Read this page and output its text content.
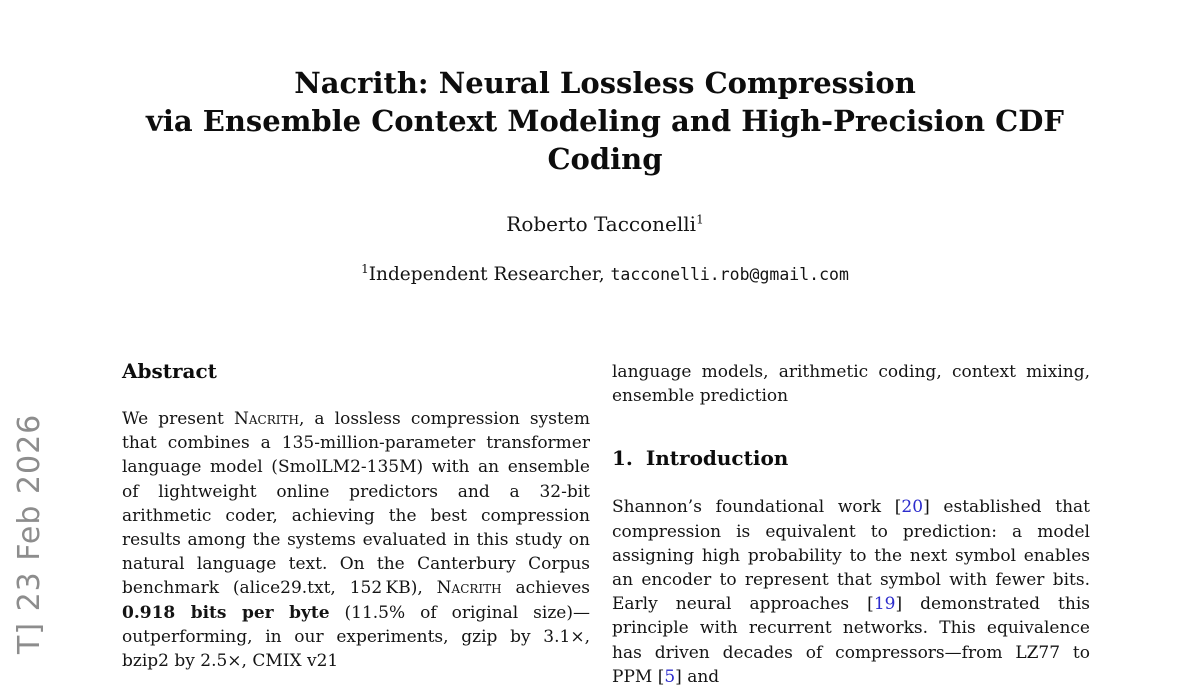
T] 23 Feb 2026
Nacrith: Neural Lossless Compression
via Ensemble Context Modeling and High-Precision CDF
Coding
Roberto Tacconelli$^1$
$^1$Independent Researcher, tacconelli.rob@gmail.com
Abstract

We present Nacrith, a lossless compression system that combines a 135-million-parameter transformer language model (SmolLM2-135M) with an ensemble of lightweight online predictors and a 32-bit arithmetic coder, achieving the best compression results among the systems evaluated in this study on natural language text. On the Canterbury Corpus benchmark (alice29.txt, 152 KB), Nacrith achieves 0.918 bits per byte (11.5% of original size)—outperforming, in our experiments, gzip by 3.1×, bzip2 by 2.5×, CMIX v21

language models, arithmetic coding, context mixing, ensemble prediction

1. Introduction

Shannon’s foundational work [20] established that compression is equivalent to prediction: a model assigning high probability to the next symbol enables an encoder to represent that symbol with fewer bits. Early neural approaches [19] demonstrated this principle with recurrent networks. This equivalence has driven decades of compressors—from LZ77 to PPM [5] and
